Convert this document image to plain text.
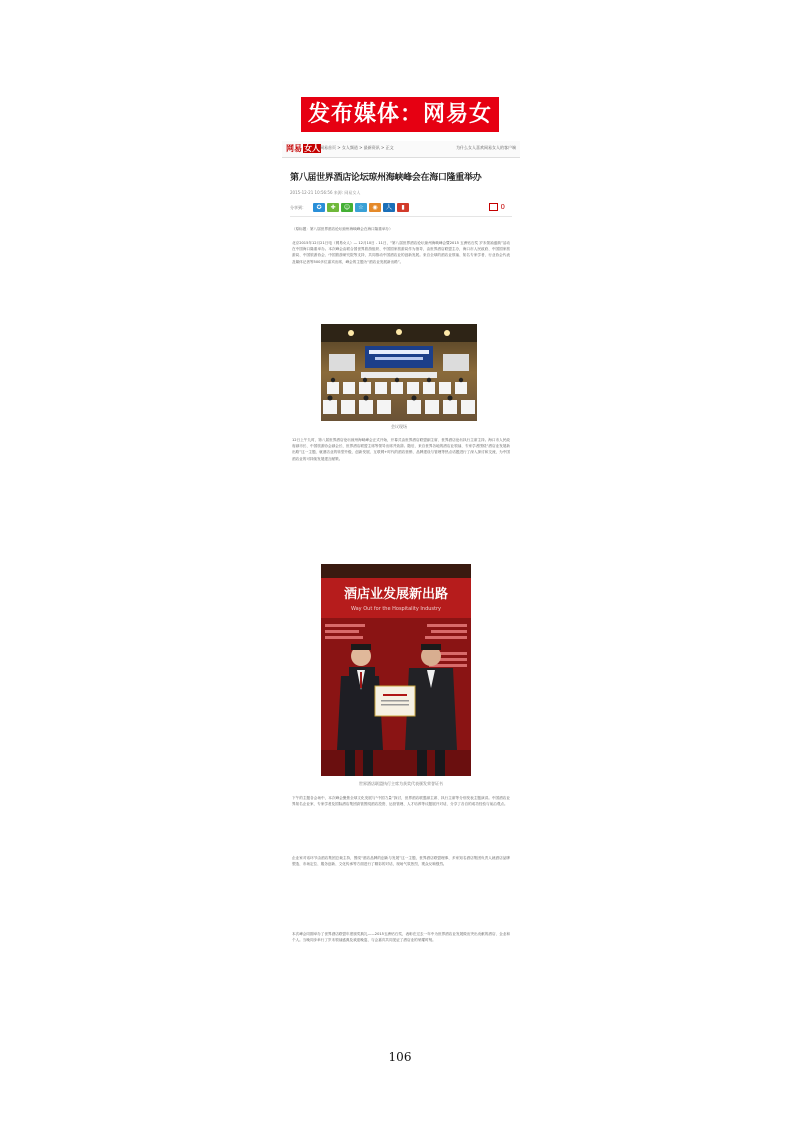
发布媒体：网易女
网易 女人 网易首页 > 女人频道 > 最新资讯 > 正文	为什么女人喜欢网易女人的客户端
第八届世界酒店论坛琼州海峡峰会在海口隆重举办
2015-12-21 10:56:56 来源: 网易女人
分享到：	✪	✚	☺	☆	◉	人	▮	0
（原标题：第八届世界酒店论坛琼州海峡峰会在海口隆重举办）
北京2015年12月21日电（网易女人）— 12月10日 - 11日，“第八届世界酒店论坛琼州海峡峰会暨2015 五洲钻石奖 岁末领袖盛典”活动在中国海口隆重举办。本次峰会由联合国世界旅游组织、中国国家旅游局作为指导，由世界酒店联盟主办，海口市人民政府、中国国家旅游局、中国旅游协会、中国旅游研究院等支持，共同推动中国酒店业的创新发展。来自全球的酒店业领袖、知名专家学者、行业协会代表及媒体记者等500多位嘉宾出席，峰会的主题为“酒店业发展新出路”。
会议现场
12日上午九时，第八届世界酒店论坛琼州海峡峰会正式开始，开幕式由世界酒店联盟副主席、世界酒店论坛执行主席主持。海口市人民政府副市长、中国旅游协会副会长、世界酒店联盟主席等领导出席并致辞。随后，来自世界各地的酒店业领袖、专家学者围绕“酒店业发展新出路”这一主题，就酒店业的转型升级、创新发展、互联网+时代的酒店营销、品牌建设与管理等热点话题进行了深入探讨和交流，为中国酒店业的可持续发展建言献策。
酒店业发展新出路
Way Out for the Hospitality Industry
世界酒店联盟执行主席为获奖代表颁发荣誉证书
下午的主题各会场中，本次峰会聚焦全球文化发展与“中国力量”探讨，世界酒店联盟副主席、执行主席等分别发表主题演讲。中国酒店业界知名企业家、专家学者及国际酒店集团高管围绕酒店投资、运营管理、人才培养等议题展开对话，分享了各自的成功经验与前沿观点。
企业家对话环节由酒店集团总裁主持，围绕“酒店品牌的创新与发展”这一主题，世界酒店联盟理事、多家知名酒店集团负责人就酒店品牌塑造、市场定位、服务创新、文化传承等方面进行了精彩的对话，现场气氛热烈，观众反响强烈。
本次峰会同期举办了世界酒店联盟年度颁奖典礼——2015五洲钻石奖，表彰在过去一年中为世界酒店业发展做出突出贡献的酒店、企业和个人。当晚同步举行了岁末领袖盛典及欢迎晚宴，与会嘉宾共同见证了酒店业的荣耀时刻。
106
